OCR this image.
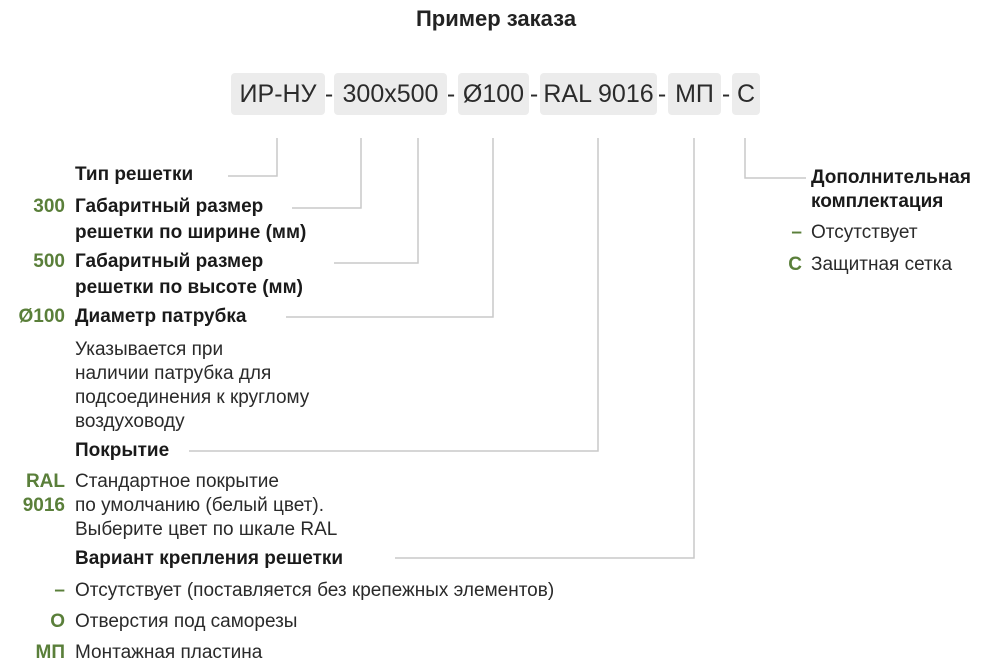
Пример заказа
ИР-НУ - 300х500 - Ø100 - RAL 9016 - МП - С
Тип решетки
300 Габаритный размер
решетки по ширине (мм)
500 Габаритный размер
решетки по высоте (мм)
Ø100 Диаметр патрубка
Указывается при
наличии патрубка для
подсоединения к круглому
воздуховоду
Покрытие
RAL
9016
Стандартное покрытие
по умолчанию (белый цвет).
Выберите цвет по шкале RAL
Вариант крепления решетки
– Отсутствует (поставляется без крепежных элементов)
О Отверстия под саморезы
МП Монтажная пластина
Дополнительная
комплектация
– Отсутствует
С Защитная сетка
